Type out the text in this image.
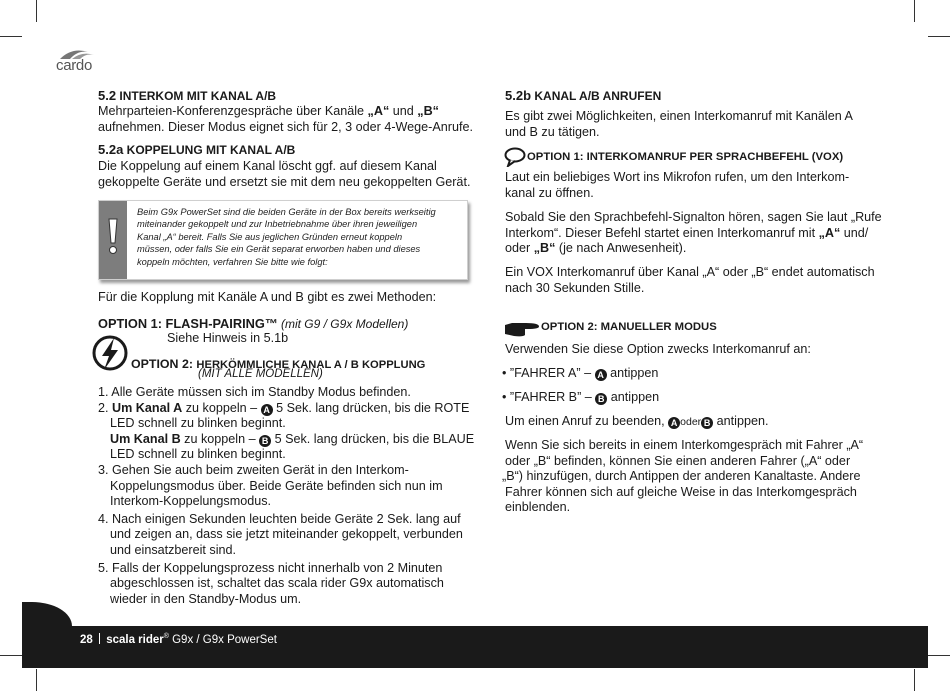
cardo
5.2 INTERKOM MIT KANAL A/B
Mehrparteien-Konferenzgespräche über Kanäle „A“ und „B“
aufnehmen. Dieser Modus eignet sich für 2, 3 oder 4-Wege-Anrufe.
5.2a KOPPELUNG MIT KANAL A/B
Die Koppelung auf einem Kanal löscht ggf. auf diesem Kanal
gekoppelte Geräte und ersetzt sie mit dem neu gekoppelten Gerät.
Beim G9x PowerSet sind die beiden Geräte in der Box bereits werkseitig
miteinander gekoppelt und zur Inbetriebnahme über ihren jeweiligen
Kanal „A“ bereit. Falls Sie aus jeglichen Gründen erneut koppeln
müssen, oder falls Sie ein Gerät separat erworben haben und dieses
koppeln möchten, verfahren Sie bitte wie folgt:
Für die Kopplung mit Kanäle A und B gibt es zwei Methoden:
OPTION 1: FLASH-PAIRING™ (mit G9 / G9x Modellen)
Siehe Hinweis in 5.1b
OPTION 2: HERKÖMMLICHE KANAL A / B KOPPLUNG
(MIT ALLE MODELLEN)
1. Alle Geräte müssen sich im Standby Modus befinden.
2. Um Kanal A zu koppeln – A 5 Sek. lang drücken, bis die ROTE
LED schnell zu blinken beginnt.
Um Kanal B zu koppeln – B 5 Sek. lang drücken, bis die BLAUE
LED schnell zu blinken beginnt.
3. Gehen Sie auch beim zweiten Gerät in den Interkom-
Koppelungsmodus über. Beide Geräte befinden sich nun im
Interkom-Koppelungsmodus.
4. Nach einigen Sekunden leuchten beide Geräte 2 Sek. lang auf
und zeigen an, dass sie jetzt miteinander gekoppelt, verbunden
und einsatzbereit sind.
5. Falls der Koppelungsprozess nicht innerhalb von 2 Minuten
abgeschlossen ist, schaltet das scala rider G9x automatisch
wieder in den Standby-Modus um.
5.2b KANAL A/B ANRUFEN
Es gibt zwei Möglichkeiten, einen Interkomanruf mit Kanälen A
und B zu tätigen.
OPTION 1: INTERKOMANRUF PER SPRACHBEFEHL (VOX)
Laut ein beliebiges Wort ins Mikrofon rufen, um den Interkom-
kanal zu öffnen.
Sobald Sie den Sprachbefehl-Signalton hören, sagen Sie laut „Rufe
Interkom“. Dieser Befehl startet einen Interkomanruf mit „A“ und/
oder „B“ (je nach Anwesenheit).
Ein VOX Interkomanruf über Kanal „A“ oder „B“ endet automatisch
nach 30 Sekunden Stille.
OPTION 2: MANUELLER MODUS
Verwenden Sie diese Option zwecks Interkomanruf an:
• ”FAHRER A” – A antippen
• ”FAHRER B” – B antippen
Um einen Anruf zu beenden, A oder B antippen.
Wenn Sie sich bereits in einem Interkomgespräch mit Fahrer „A“
oder „B“ befinden, können Sie einen anderen Fahrer („A“ oder
„B“) hinzufügen, durch Antippen der anderen Kanaltaste. Andere
Fahrer können sich auf gleiche Weise in das Interkomgespräch
einblenden.
28 scala rider® G9x / G9x PowerSet
